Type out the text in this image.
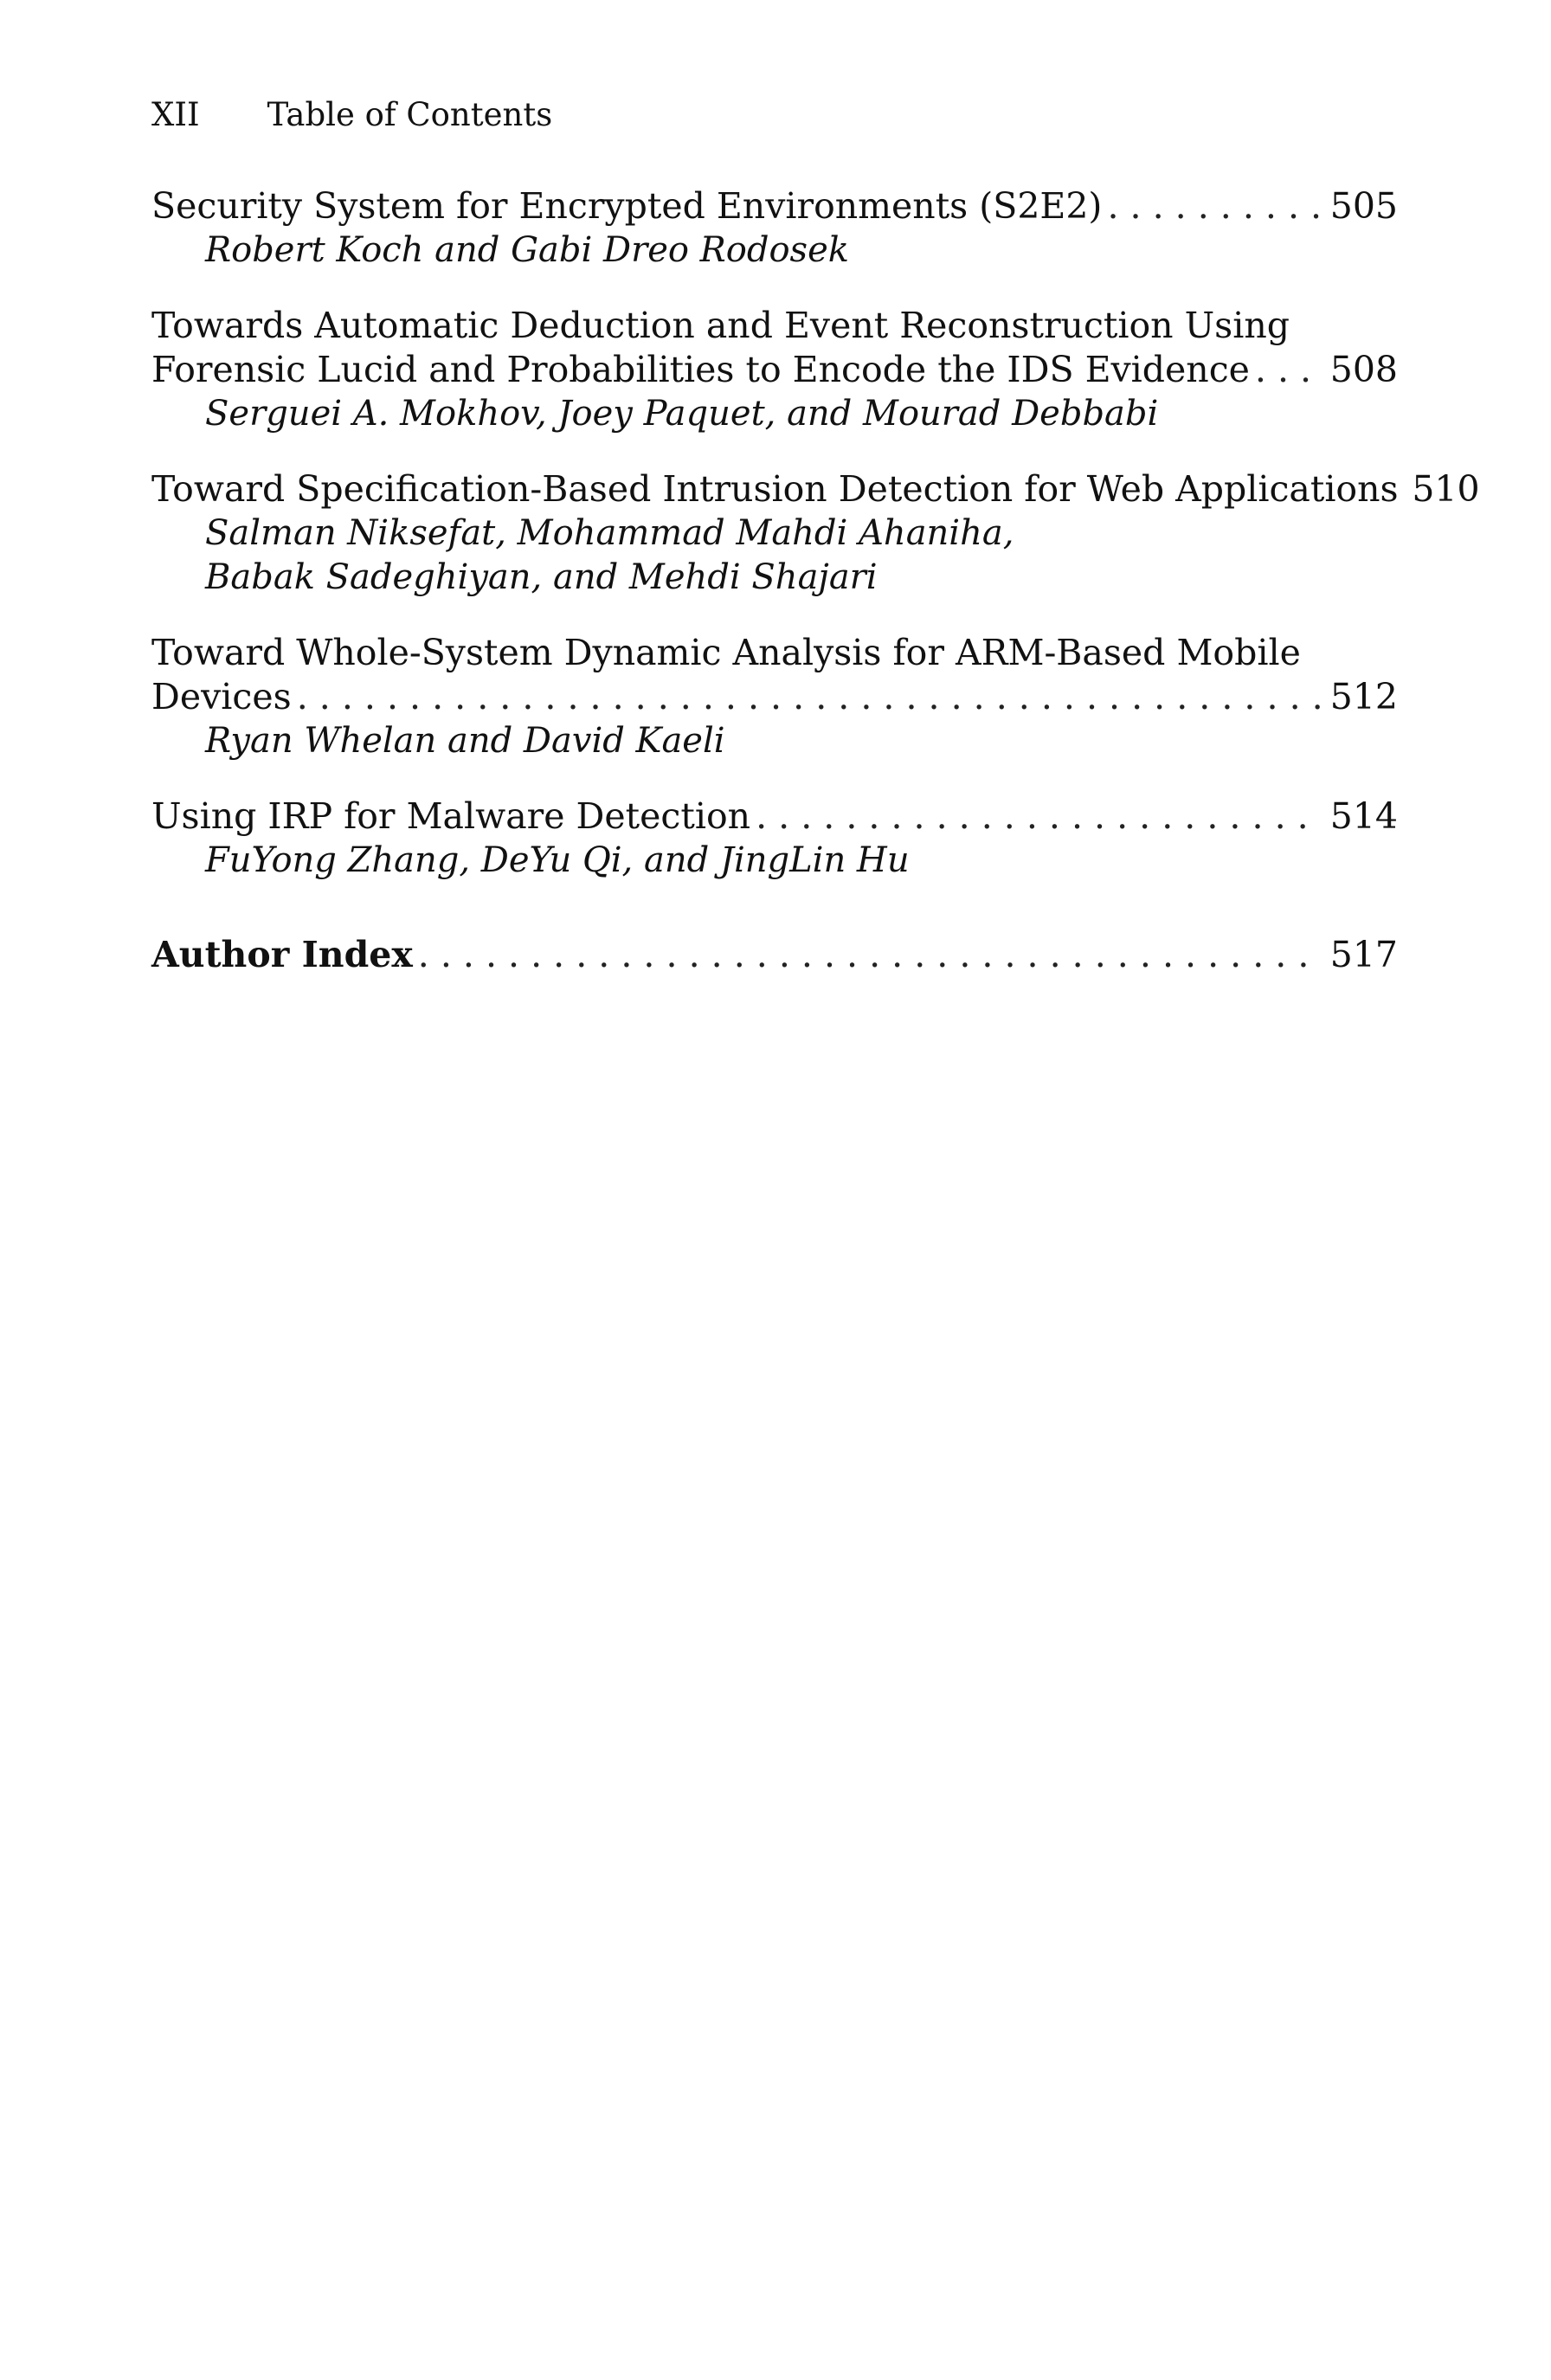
XII Table of Contents
Security System for Encrypted Environments (S2E2) . . .	505
Robert Koch and Gabi Dreo Rodosek
Towards Automatic Deduction and Event Reconstruction Using
Forensic Lucid and Probabilities to Encode the IDS Evidence . . . 508
Serguei A. Mokhov, Joey Paquet, and Mourad Debbabi
Toward Specification-Based Intrusion Detection for Web Applications 510
Salman Niksefat, Mohammad Mahdi Ahaniha,
Babak Sadeghiyan, and Mehdi Shajari
Toward Whole-System Dynamic Analysis for ARM-Based Mobile
Devices . . .	512
Ryan Whelan and David Kaeli
Using IRP for Malware Detection . . .	514
FuYong Zhang, DeYu Qi, and JingLin Hu
Author Index . . .	517
